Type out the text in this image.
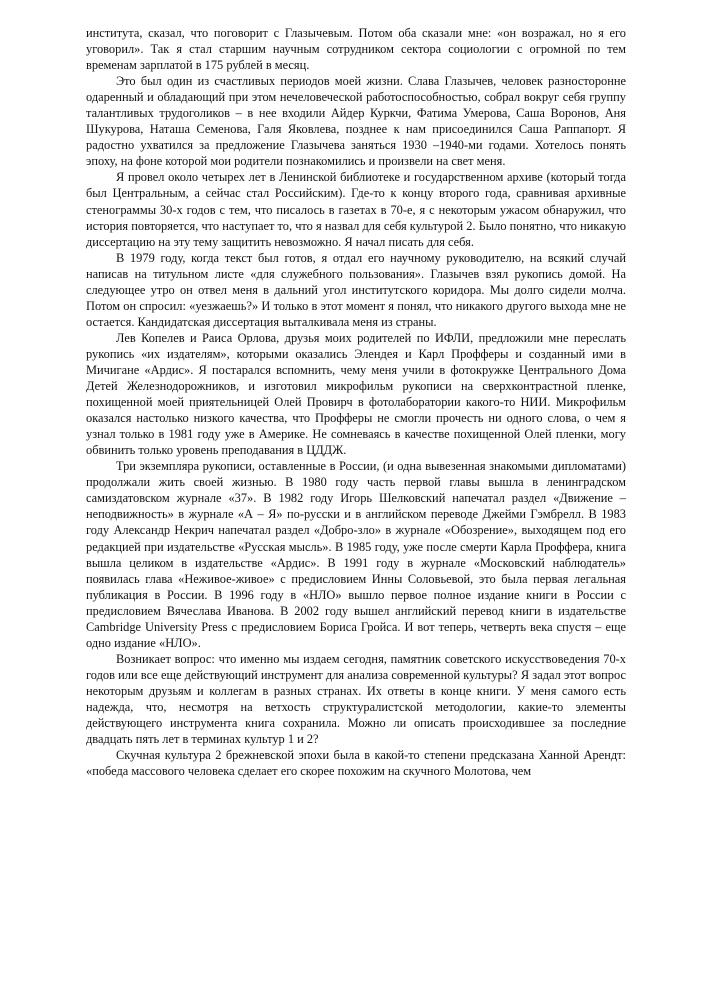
института, сказал, что поговорит с Глазычевым. Потом оба сказали мне: «он возражал, но я его уговорил». Так я стал старшим научным сотрудником сектора социологии с огромной по тем временам зарплатой в 175 рублей в месяц.

Это был один из счастливых периодов моей жизни. Слава Глазычев, человек разносторонне одаренный и обладающий при этом нечеловеческой работоспособностью, собрал вокруг себя группу талантливых трудоголиков – в нее входили Айдер Куркчи, Фатима Умерова, Саша Воронов, Аня Шукурова, Наташа Семенова, Галя Яковлева, позднее к нам присоединился Саша Раппапорт. Я радостно ухватился за предложение Глазычева заняться 1930 –1940-ми годами. Хотелось понять эпоху, на фоне которой мои родители познакомились и произвели на свет меня.

Я провел около четырех лет в Ленинской библиотеке и государственном архиве (который тогда был Центральным, а сейчас стал Российским). Где-то к концу второго года, сравнивая архивные стенограммы 30-х годов с тем, что писалось в газетах в 70-е, я с некоторым ужасом обнаружил, что история повторяется, что наступает то, что я назвал для себя культурой 2. Было понятно, что никакую диссертацию на эту тему защитить невозможно. Я начал писать для себя.

В 1979 году, когда текст был готов, я отдал его научному руководителю, на всякий случай написав на титульном листе «для служебного пользования». Глазычев взял рукопись домой. На следующее утро он отвел меня в дальний угол институтского коридора. Мы долго сидели молча. Потом он спросил: «уезжаешь?» И только в этот момент я понял, что никакого другого выхода мне не остается. Кандидатская диссертация выталкивала меня из страны.

Лев Копелев и Раиса Орлова, друзья моих родителей по ИФЛИ, предложили мне переслать рукопись «их издателям», которыми оказались Элендея и Карл Профферы и созданный ими в Мичигане «Ардис». Я постарался вспомнить, чему меня учили в фотокружке Центрального Дома Детей Железнодорожников, и изготовил микрофильм рукописи на сверхконтрастной пленке, похищенной моей приятельницей Олей Провирч в фотолаборатории какого-то НИИ. Микрофильм оказался настолько низкого качества, что Профферы не смогли прочесть ни одного слова, о чем я узнал только в 1981 году уже в Америке. Не сомневаясь в качестве похищенной Олей пленки, могу обвинить только уровень преподавания в ЦДДЖ.

Три экземпляра рукописи, оставленные в России, (и одна вывезенная знакомыми дипломатами) продолжали жить своей жизнью. В 1980 году часть первой главы вышла в ленинградском самиздатовском журнале «37». В 1982 году Игорь Шелковский напечатал раздел «Движение – неподвижность» в журнале «А – Я» по-русски и в английском переводе Джейми Гэмбрелл. В 1983 году Александр Некрич напечатал раздел «Добро-зло» в журнале «Обозрение», выходящем под его редакцией при издательстве «Русская мысль». В 1985 году, уже после смерти Карла Проффера, книга вышла целиком в издательстве «Ардис». В 1991 году в журнале «Московский наблюдатель» появилась глава «Неживое-живое» с предисловием Инны Соловьевой, это была первая легальная публикация в России. В 1996 году в «НЛО» вышло первое полное издание книги в России с предисловием Вячеслава Иванова. В 2002 году вышел английский перевод книги в издательстве Cambridge University Press с предисловием Бориса Гройса. И вот теперь, четверть века спустя – еще одно издание «НЛО».

Возникает вопрос: что именно мы издаем сегодня, памятник советского искусствоведения 70-х годов или все еще действующий инструмент для анализа современной культуры? Я задал этот вопрос некоторым друзьям и коллегам в разных странах. Их ответы в конце книги. У меня самого есть надежда, что, несмотря на ветхость структуралистской методологии, какие-то элементы действующего инструмента книга сохранила. Можно ли описать происходившее за последние двадцать пять лет в терминах культур 1 и 2?

Скучная культура 2 брежневской эпохи была в какой-то степени предсказана Ханной Арендт: «победа массового человека сделает его скорее похожим на скучного Молотова, чем
